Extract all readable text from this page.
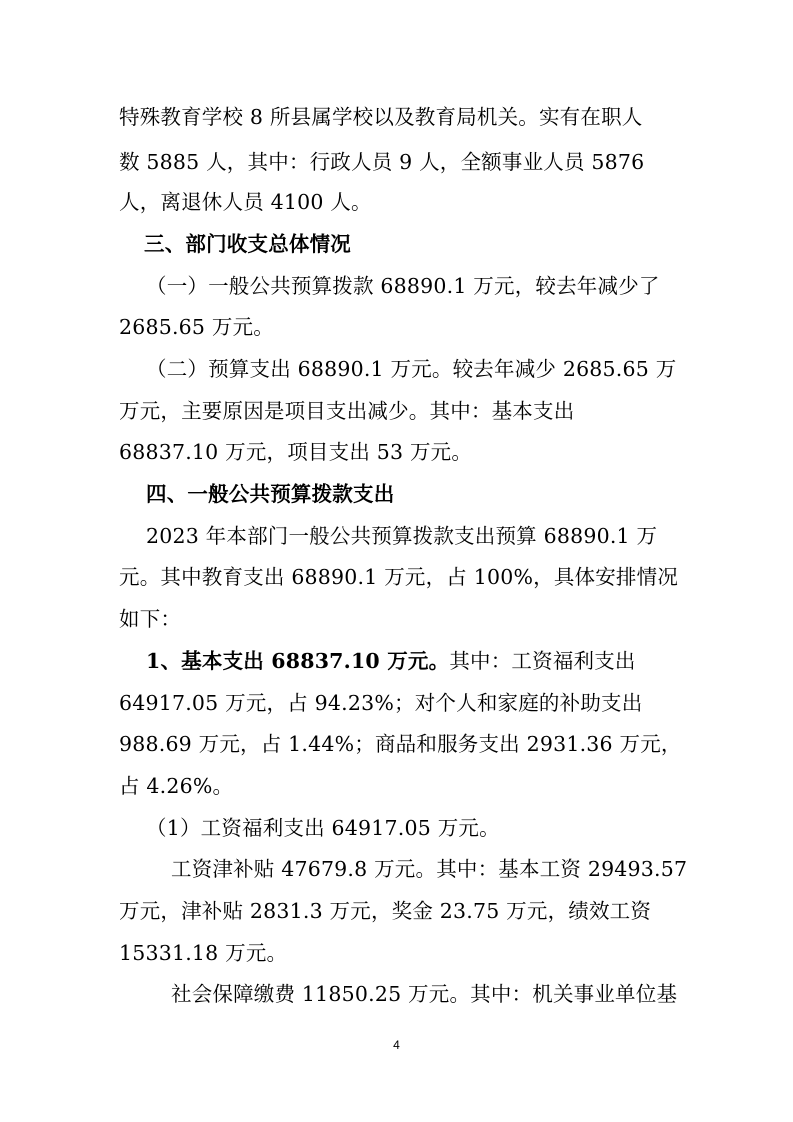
特殊教育学校 8 所县属学校以及教育局机关。实有在职人
数 5885 人，其中：行政人员 9 人，全额事业人员 5876
人，离退休人员 4100 人。
三、部门收支总体情况
（一）一般公共预算拨款 68890.1 万元，较去年减少了
2685.65 万元。
（二）预算支出 68890.1 万元。较去年减少 2685.65 万
万元，主要原因是项目支出减少。其中：基本支出
68837.10 万元，项目支出 53 万元。
四、一般公共预算拨款支出
2023 年本部门一般公共预算拨款支出预算 68890.1 万
元。其中教育支出 68890.1 万元，占 100%，具体安排情况
如下：
1、基本支出 68837.10 万元。其中：工资福利支出
64917.05 万元，占 94.23%；对个人和家庭的补助支出
988.69 万元，占 1.44%；商品和服务支出 2931.36 万元，
占 4.26%。
（1）工资福利支出 64917.05 万元。
工资津补贴 47679.8 万元。其中：基本工资 29493.57
万元，津补贴 2831.3 万元，奖金 23.75 万元，绩效工资
15331.18 万元。
社会保障缴费 11850.25 万元。其中：机关事业单位基
4
